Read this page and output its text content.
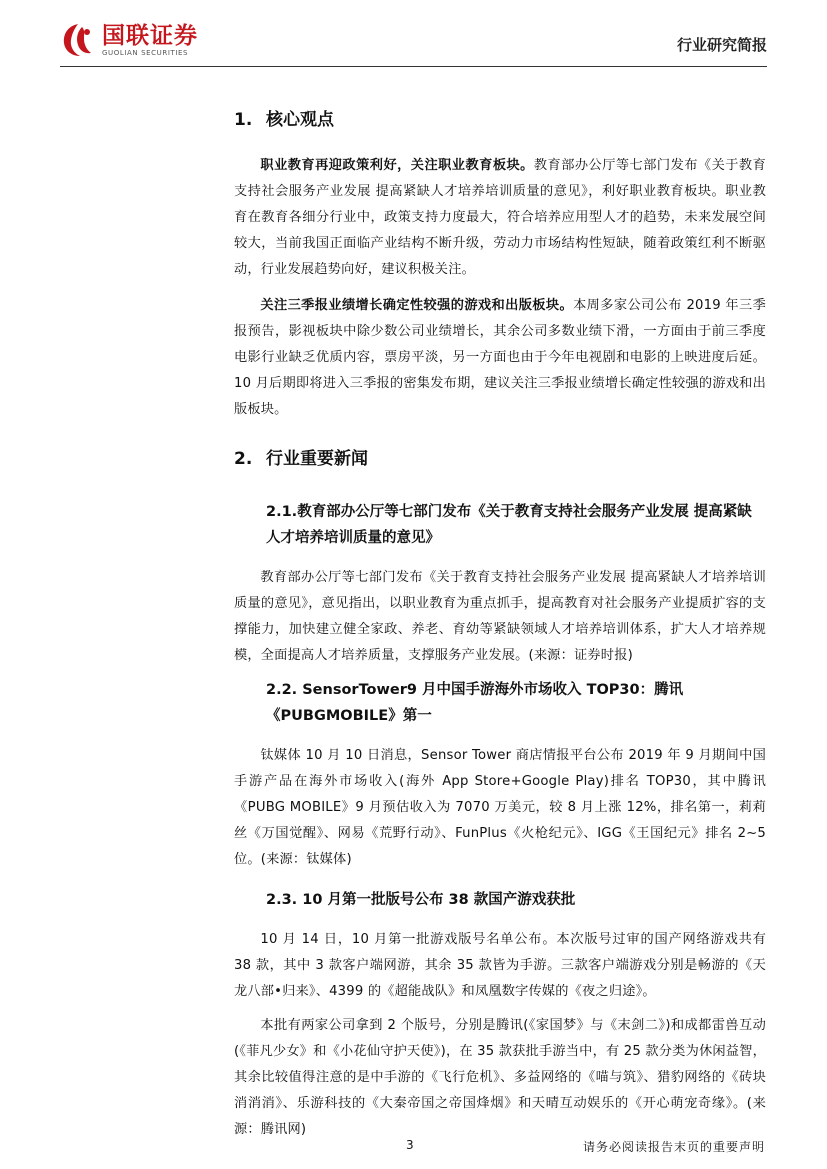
国联证券
GUOLIAN SECURITIES	行业研究简报
1. 核心观点

职业教育再迎政策利好，关注职业教育板块。教育部办公厅等七部门发布《关于教育支持社会服务产业发展 提高紧缺人才培养培训质量的意见》，利好职业教育板块。职业教育在教育各细分行业中，政策支持力度最大，符合培养应用型人才的趋势，未来发展空间较大，当前我国正面临产业结构不断升级，劳动力市场结构性短缺，随着政策红利不断驱动，行业发展趋势向好，建议积极关注。

关注三季报业绩增长确定性较强的游戏和出版板块。本周多家公司公布 2019 年三季报预告，影视板块中除少数公司业绩增长，其余公司多数业绩下滑，一方面由于前三季度电影行业缺乏优质内容，票房平淡，另一方面也由于今年电视剧和电影的上映进度后延。10 月后期即将进入三季报的密集发布期，建议关注三季报业绩增长确定性较强的游戏和出版板块。

2. 行业重要新闻
2.1.教育部办公厅等七部门发布《关于教育支持社会服务产业发展 提高紧缺人才培养培训质量的意见》

教育部办公厅等七部门发布《关于教育支持社会服务产业发展 提高紧缺人才培养培训质量的意见》，意见指出，以职业教育为重点抓手，提高教育对社会服务产业提质扩容的支撑能力，加快建立健全家政、养老、育幼等紧缺领域人才培养培训体系，扩大人才培养规模，全面提高人才培养质量，支撑服务产业发展。(来源：证券时报)

2.2. SensorTower9 月中国手游海外市场收入 TOP30：腾讯《PUBGMOBILE》第一

钛媒体 10 月 10 日消息，Sensor Tower 商店情报平台公布 2019 年 9 月期间中国手游产品在海外市场收入(海外 App Store+Google Play)排名 TOP30，其中腾讯《PUBG MOBILE》9 月预估收入为 7070 万美元，较 8 月上涨 12%，排名第一，莉莉丝《万国觉醒》、网易《荒野行动》、FunPlus《火枪纪元》、IGG《王国纪元》排名 2~5 位。(来源：钛媒体)

2.3. 10 月第一批版号公布 38 款国产游戏获批

10 月 14 日，10 月第一批游戏版号名单公布。本次版号过审的国产网络游戏共有 38 款，其中 3 款客户端网游，其余 35 款皆为手游。三款客户端游戏分别是畅游的《天龙八部•归来》、4399 的《超能战队》和凤凰数字传媒的《夜之归途》。

本批有两家公司拿到 2 个版号，分别是腾讯(《家国梦》与《末剑二》)和成都雷兽互动(《菲凡少女》和《小花仙守护天使》)，在 35 款获批手游当中，有 25 款分类为休闲益智，其余比较值得注意的是中手游的《飞行危机》、多益网络的《喵与筑》、猎豹网络的《砖块消消消》、乐游科技的《大秦帝国之帝国烽烟》和天晴互动娱乐的《开心萌宠奇缘》。(来源：腾讯网)

3	请务必阅读报告末页的重要声明
